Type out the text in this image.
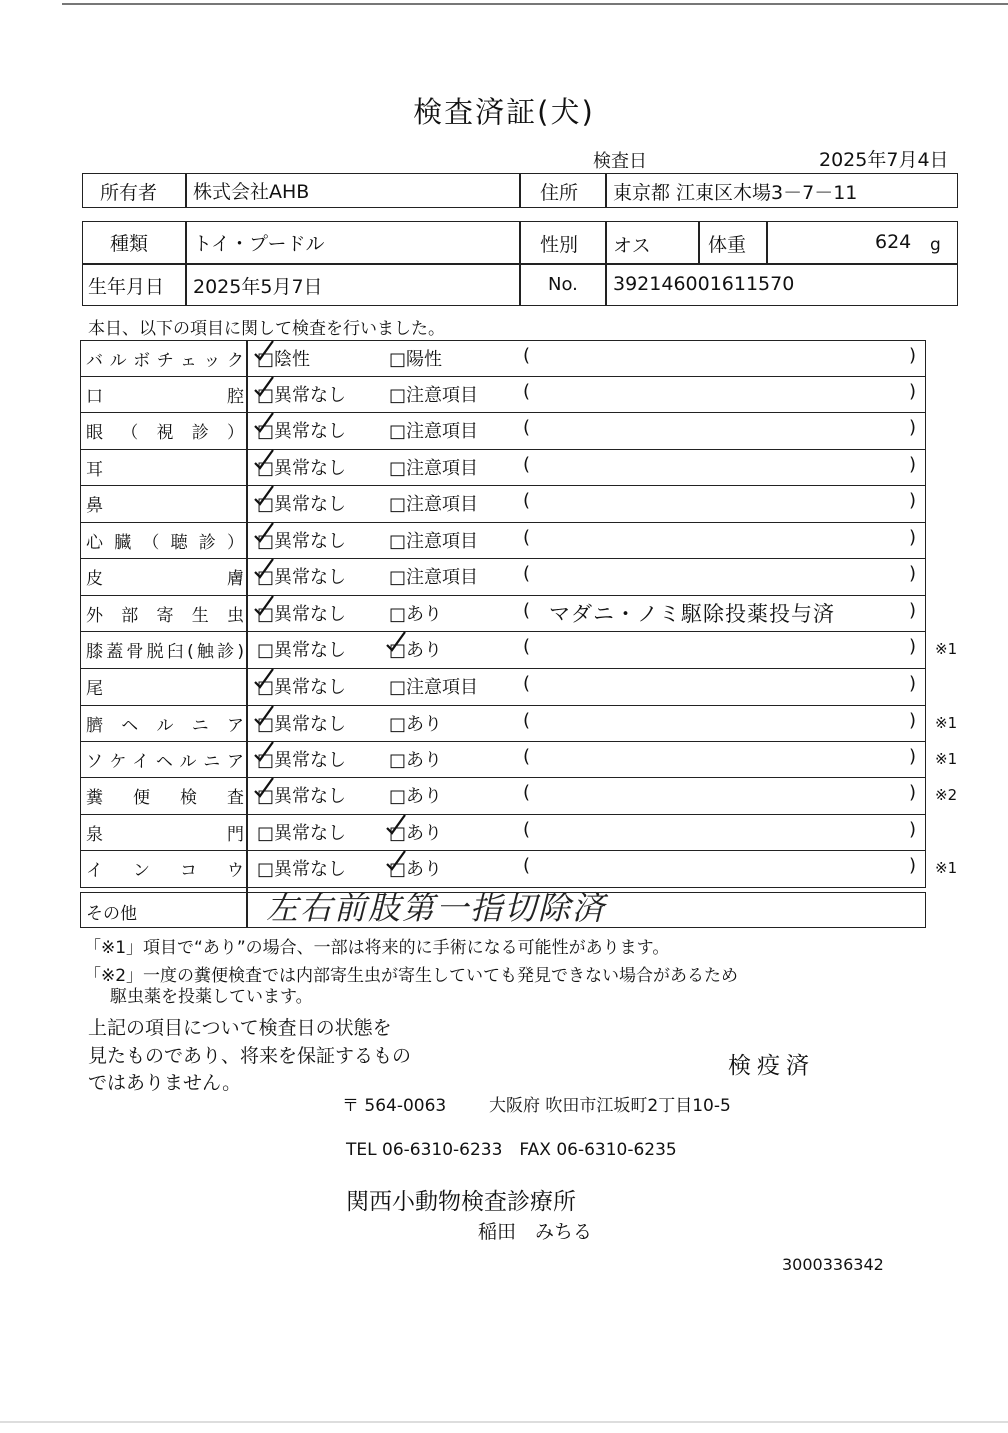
検査済証(犬)
検査日	2025年7月4日
所有者 株式会社AHB	住所 東京都 江東区木場3－7－11
種類 トイ・プードル	性別 オス	体重	624 g
生年月日 2025年5月7日	No. 392146001611570
本日、以下の項目に関して検査を行いました。
バルボチェック □陰性	□陽性	(	)
口腔 □異常なし □注意項目 (	)
眼（視診） □異常なし □注意項目 (	)
耳	□異常なし □注意項目 (	)
鼻	□異常なし □注意項目 (	)
心臓（聴診） □異常なし □注意項目 (	)
皮膚 □異常なし □注意項目 (	)
外部寄生虫 □異常なし □あり	( マダニ・ノミ駆除投薬投与済	)
膝蓋骨脱臼(触診) □異常なし □あり	(	) ※1
尾	□異常なし □注意項目 (	)
臍ヘルニア □異常なし □あり	(	) ※1
ソケイヘルニア □異常なし □あり	(	) ※1
糞便検査 □異常なし □あり	(	) ※2
泉門 □異常なし □あり	(	)
インコウ □異常なし □あり	(	) ※1
その他	左右前肢第一指切除済
「※1」項目で“あり”の場合、一部は将来的に手術になる可能性があります。
「※2」一度の糞便検査では内部寄生虫が寄生していても発見できない場合があるため
駆虫薬を投薬しています。
上記の項目について検査日の状態を
見たものであり、将来を保証するもの
ではありません。
検疫済
〒 564-0063	大阪府 吹田市江坂町2丁目10-5
TEL 06-6310-6233　FAX 06-6310-6235
関西小動物検査診療所
稲田　みちる
3000336342
